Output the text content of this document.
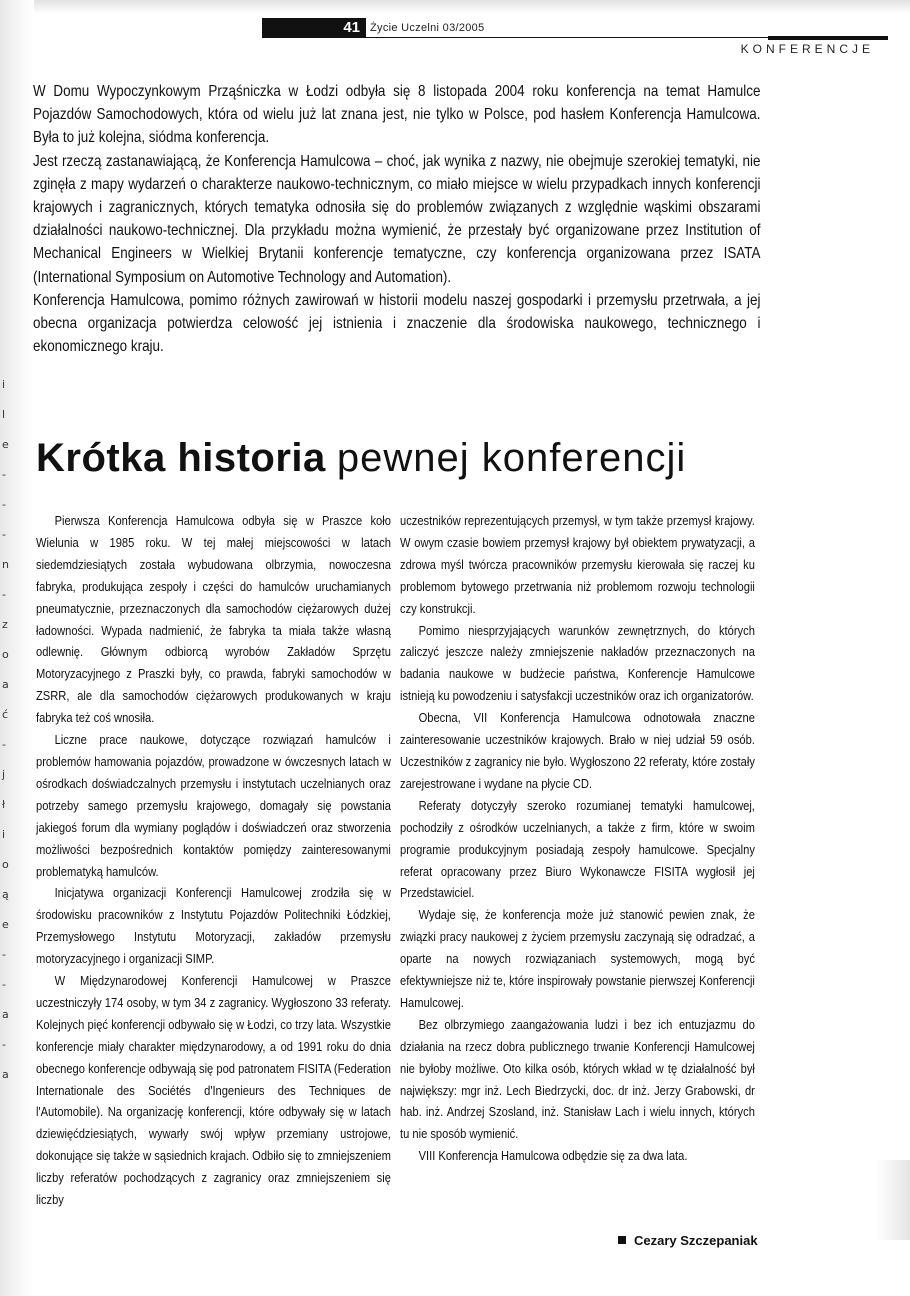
i
l
e
-
-
-
n
-
z
o
a
ć
-
j
ł
i
o
ą
e
-
-
a
-
a
41 Życie Uczelni 03/2005
KONFERENCJE

W Domu Wypoczynkowym Prząśniczka w Łodzi odbyła się 8 listopada 2004 roku konferencja na temat Hamulce Pojazdów Samochodowych, która od wielu już lat znana jest, nie tylko w Polsce, pod hasłem Konferencja Hamulcowa. Była to już kolejna, siódma konferencja.

Jest rzeczą zastanawiającą, że Konferencja Hamulcowa – choć, jak wynika z nazwy, nie obejmuje szerokiej tematyki, nie zginęła z mapy wydarzeń o charakterze naukowo-technicznym, co miało miejsce w wielu przypadkach innych konferencji krajowych i zagranicznych, których tematyka odnosiła się do problemów związanych z względnie wąskimi obszarami działalności naukowo-technicznej. Dla przykładu można wymienić, że przestały być organizowane przez Institution of Mechanical Engineers w Wielkiej Brytanii konferencje tematyczne, czy konferencja organizowana przez ISATA (International Symposium on Automotive Technology and Automation).

Konferencja Hamulcowa, pomimo różnych zawirowań w historii modelu naszej gospodarki i przemysłu przetrwała, a jej obecna organizacja potwierdza celowość jej istnienia i znaczenie dla środowiska naukowego, technicznego i ekonomicznego kraju.

Krótka historia pewnej konferencji

Pierwsza Konferencja Hamulcowa odbyła się w Praszce koło Wielunia w 1985 roku. W tej małej miejscowości w latach siedemdziesiątych została wybudowana olbrzymia, nowoczesna fabryka, produkująca zespoły i części do hamulców uruchamianych pneumatycznie, przeznaczonych dla samochodów ciężarowych dużej ładowności. Wypada nadmienić, że fabryka ta miała także własną odlewnię. Głównym odbiorcą wyrobów Zakładów Sprzętu Motoryzacyjnego z Praszki były, co prawda, fabryki samochodów w ZSRR, ale dla samochodów ciężarowych produkowanych w kraju fabryka też coś wnosiła.

Liczne prace naukowe, dotyczące rozwiązań hamulców i problemów hamowania pojazdów, prowadzone w ówczesnych latach w ośrodkach doświadczalnych przemysłu i instytutach uczelnianych oraz potrzeby samego przemysłu krajowego, domagały się powstania jakiegoś forum dla wymiany poglądów i doświadczeń oraz stworzenia możliwości bezpośrednich kontaktów pomiędzy zainteresowanymi problematyką hamulców.

Inicjatywa organizacji Konferencji Hamulcowej zrodziła się w środowisku pracowników z Instytutu Pojazdów Politechniki Łódzkiej, Przemysłowego Instytutu Motoryzacji, zakładów przemysłu motoryzacyjnego i organizacji SIMP.

W Międzynarodowej Konferencji Hamulcowej w Praszce uczestniczyły 174 osoby, w tym 34 z zagranicy. Wygłoszono 33 referaty. Kolejnych pięć konferencji odbywało się w Łodzi, co trzy lata. Wszystkie konferencje miały charakter międzynarodowy, a od 1991 roku do dnia obecnego konferencje odbywają się pod patronatem FISITA (Federation Internationale des Sociétés d'Ingenieurs des Techniques de l'Automobile). Na organizację konferencji, które odbywały się w latach dziewięćdziesiątych, wywarły swój wpływ przemiany ustrojowe, dokonujące się także w sąsiednich krajach. Odbiło się to zmniejszeniem liczby referatów pochodzących z zagranicy oraz zmniejszeniem się liczby

uczestników reprezentujących przemysł, w tym także przemysł krajowy. W owym czasie bowiem przemysł krajowy był obiektem prywatyzacji, a zdrowa myśl twórcza pracowników przemysłu kierowała się raczej ku problemom bytowego przetrwania niż problemom rozwoju technologii czy konstrukcji.

Pomimo niesprzyjających warunków zewnętrznych, do których zaliczyć jeszcze należy zmniejszenie nakładów przeznaczonych na badania naukowe w budżecie państwa, Konferencje Hamulcowe istnieją ku powodzeniu i satysfakcji uczestników oraz ich organizatorów.

Obecna, VII Konferencja Hamulcowa odnotowała znaczne zainteresowanie uczestników krajowych. Brało w niej udział 59 osób. Uczestników z zagranicy nie było. Wygłoszono 22 referaty, które zostały zarejestrowane i wydane na płycie CD.

Referaty dotyczyły szeroko rozumianej tematyki hamulcowej, pochodziły z ośrodków uczelnianych, a także z firm, które w swoim programie produkcyjnym posiadają zespoły hamulcowe. Specjalny referat opracowany przez Biuro Wykonawcze FISITA wygłosił jej Przedstawiciel.

Wydaje się, że konferencja może już stanowić pewien znak, że związki pracy naukowej z życiem przemysłu zaczynają się odradzać, a oparte na nowych rozwiązaniach systemowych, mogą być efektywniejsze niż te, które inspirowały powstanie pierwszej Konferencji Hamulcowej.

Bez olbrzymiego zaangażowania ludzi i bez ich entuzjazmu do działania na rzecz dobra publicznego trwanie Konferencji Hamulcowej nie byłoby możliwe. Oto kilka osób, których wkład w tę działalność był największy: mgr inż. Lech Biedrzycki, doc. dr inż. Jerzy Grabowski, dr hab. inż. Andrzej Szosland, inż. Stanisław Lach i wielu innych, których tu nie sposób wymienić.

VIII Konferencja Hamulcowa odbędzie się za dwa lata.

Cezary Szczepaniak
